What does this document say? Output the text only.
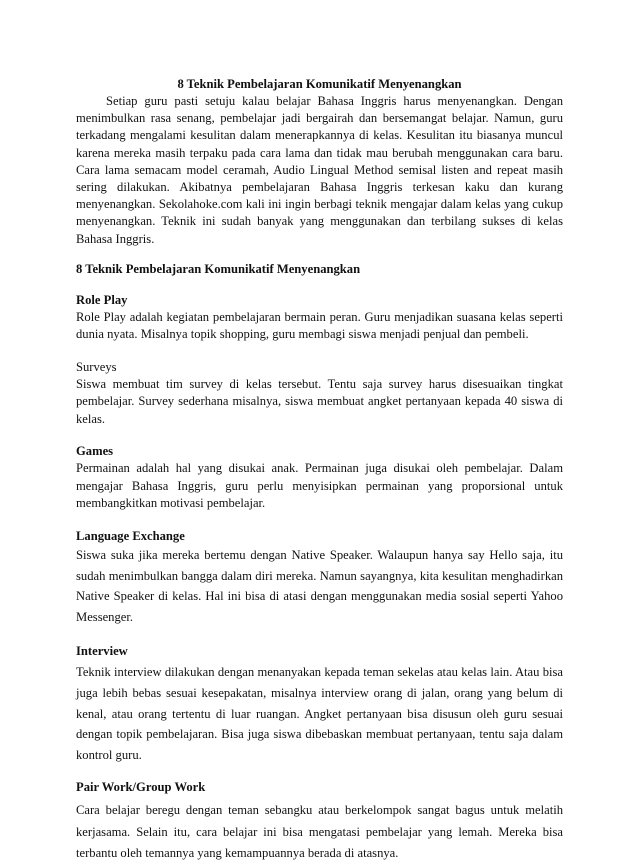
8 Teknik Pembelajaran Komunikatif Menyenangkan

Setiap guru pasti setuju kalau belajar Bahasa Inggris harus menyenangkan. Dengan menimbulkan rasa senang, pembelajar jadi bergairah dan bersemangat belajar. Namun, guru terkadang mengalami kesulitan dalam menerapkannya di kelas. Kesulitan itu biasanya muncul karena mereka masih terpaku pada cara lama dan tidak mau berubah menggunakan cara baru. Cara lama semacam model ceramah, Audio Lingual Method semisal listen and repeat masih sering dilakukan. Akibatnya pembelajaran Bahasa Inggris terkesan kaku dan kurang menyenangkan. Sekolahoke.com kali ini ingin berbagi teknik mengajar dalam kelas yang cukup menyenangkan. Teknik ini sudah banyak yang menggunakan dan terbilang sukses di kelas Bahasa Inggris.

8 Teknik Pembelajaran Komunikatif Menyenangkan
Role Play

Role Play adalah kegiatan pembelajaran bermain peran. Guru menjadikan suasana kelas seperti dunia nyata. Misalnya topik shopping, guru membagi siswa menjadi penjual dan pembeli.

Surveys

Siswa membuat tim survey di kelas tersebut. Tentu saja survey harus disesuaikan tingkat pembelajar. Survey sederhana misalnya, siswa membuat angket pertanyaan kepada 40 siswa di kelas.

Games

Permainan adalah hal yang disukai anak. Permainan juga disukai oleh pembelajar. Dalam mengajar Bahasa Inggris, guru perlu menyisipkan permainan yang proporsional untuk membangkitkan motivasi pembelajar.

Language Exchange

Siswa suka jika mereka bertemu dengan Native Speaker. Walaupun hanya say Hello saja, itu sudah menimbulkan bangga dalam diri mereka. Namun sayangnya, kita kesulitan menghadirkan Native Speaker di kelas. Hal ini bisa di atasi dengan menggunakan media sosial seperti Yahoo Messenger.

Interview

Teknik interview dilakukan dengan menanyakan kepada teman sekelas atau kelas lain. Atau bisa juga lebih bebas sesuai kesepakatan, misalnya interview orang di jalan, orang yang belum di kenal, atau orang tertentu di luar ruangan. Angket pertanyaan bisa disusun oleh guru sesuai dengan topik pembelajaran. Bisa juga siswa dibebaskan membuat pertanyaan, tentu saja dalam kontrol guru.

Pair Work/Group Work

Cara belajar beregu dengan teman sebangku atau berkelompok sangat bagus untuk melatih kerjasama. Selain itu, cara belajar ini bisa mengatasi pembelajar yang lemah. Mereka bisa terbantu oleh temannya yang kemampuannya berada di atasnya.
